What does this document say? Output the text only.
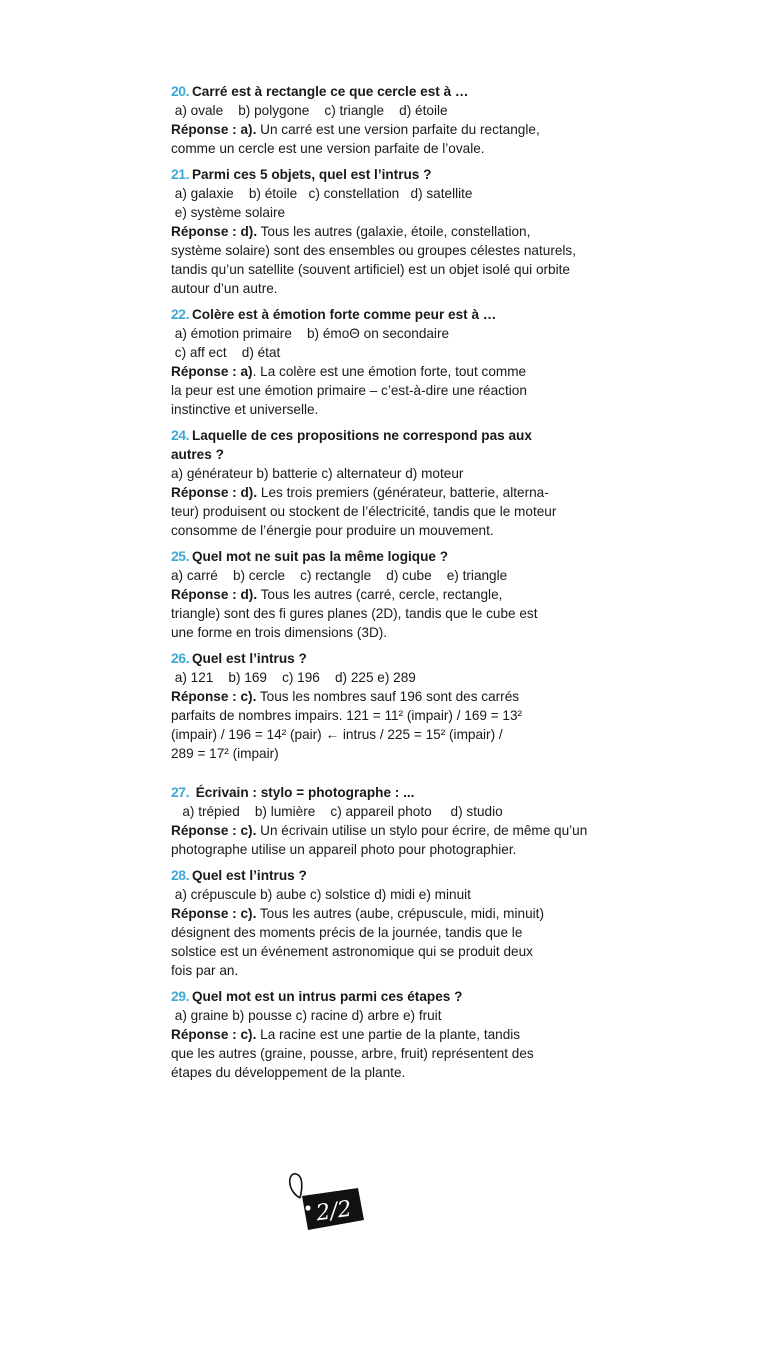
20. Carré est à rectangle ce que cercle est à …
a) ovale    b) polygone    c) triangle    d) étoile
Réponse : a). Un carré est une version parfaite du rectangle,
comme un cercle est une version parfaite de l’ovale.
21. Parmi ces 5 objets, quel est l’intrus ?
a) galaxie    b) étoile   c) constellation   d) satellite
e) système solaire
Réponse : d). Tous les autres (galaxie, étoile, constellation,
système solaire) sont des ensembles ou groupes célestes naturels,
tandis qu’un satellite (souvent artificiel) est un objet isolé qui orbite
autour d’un autre.
22. Colère est à émotion forte comme peur est à …
a) émotion primaire    b) émoΘ on secondaire
c) aff ect    d) état
Réponse : a). La colère est une émotion forte, tout comme
la peur est une émotion primaire – c’est-à-dire une réaction
instinctive et universelle.
24. Laquelle de ces propositions ne correspond pas aux
autres ?
a) générateur b) batterie c) alternateur d) moteur
Réponse : d). Les trois premiers (générateur, batterie, alterna-
teur) produisent ou stockent de l’électricité, tandis que le moteur
consomme de l’énergie pour produire un mouvement.
25. Quel mot ne suit pas la même logique ?
a) carré    b) cercle    c) rectangle    d) cube    e) triangle
Réponse : d). Tous les autres (carré, cercle, rectangle,
triangle) sont des fi gures planes (2D), tandis que le cube est
une forme en trois dimensions (3D).
26. Quel est l’intrus ?
a) 121    b) 169    c) 196    d) 225 e) 289
Réponse : c). Tous les nombres sauf 196 sont des carrés
parfaits de nombres impairs. 121 = 11² (impair) / 169 = 13²
(impair) / 196 = 14² (pair) ← intrus / 225 = 15² (impair) /
289 = 17² (impair)
27. Écrivain : stylo = photographe : ...
a) trépied    b) lumière    c) appareil photo     d) studio
Réponse : c). Un écrivain utilise un stylo pour écrire, de même qu’un
photographe utilise un appareil photo pour photographier.
28. Quel est l’intrus ?
a) crépuscule b) aube c) solstice d) midi e) minuit
Réponse : c). Tous les autres (aube, crépuscule, midi, minuit)
désignent des moments précis de la journée, tandis que le
solstice est un événement astronomique qui se produit deux
fois par an.
29. Quel mot est un intrus parmi ces étapes ?
a) graine b) pousse c) racine d) arbre e) fruit
Réponse : c). La racine est une partie de la plante, tandis
que les autres (graine, pousse, arbre, fruit) représentent des
étapes du développement de la plante.
2/2
